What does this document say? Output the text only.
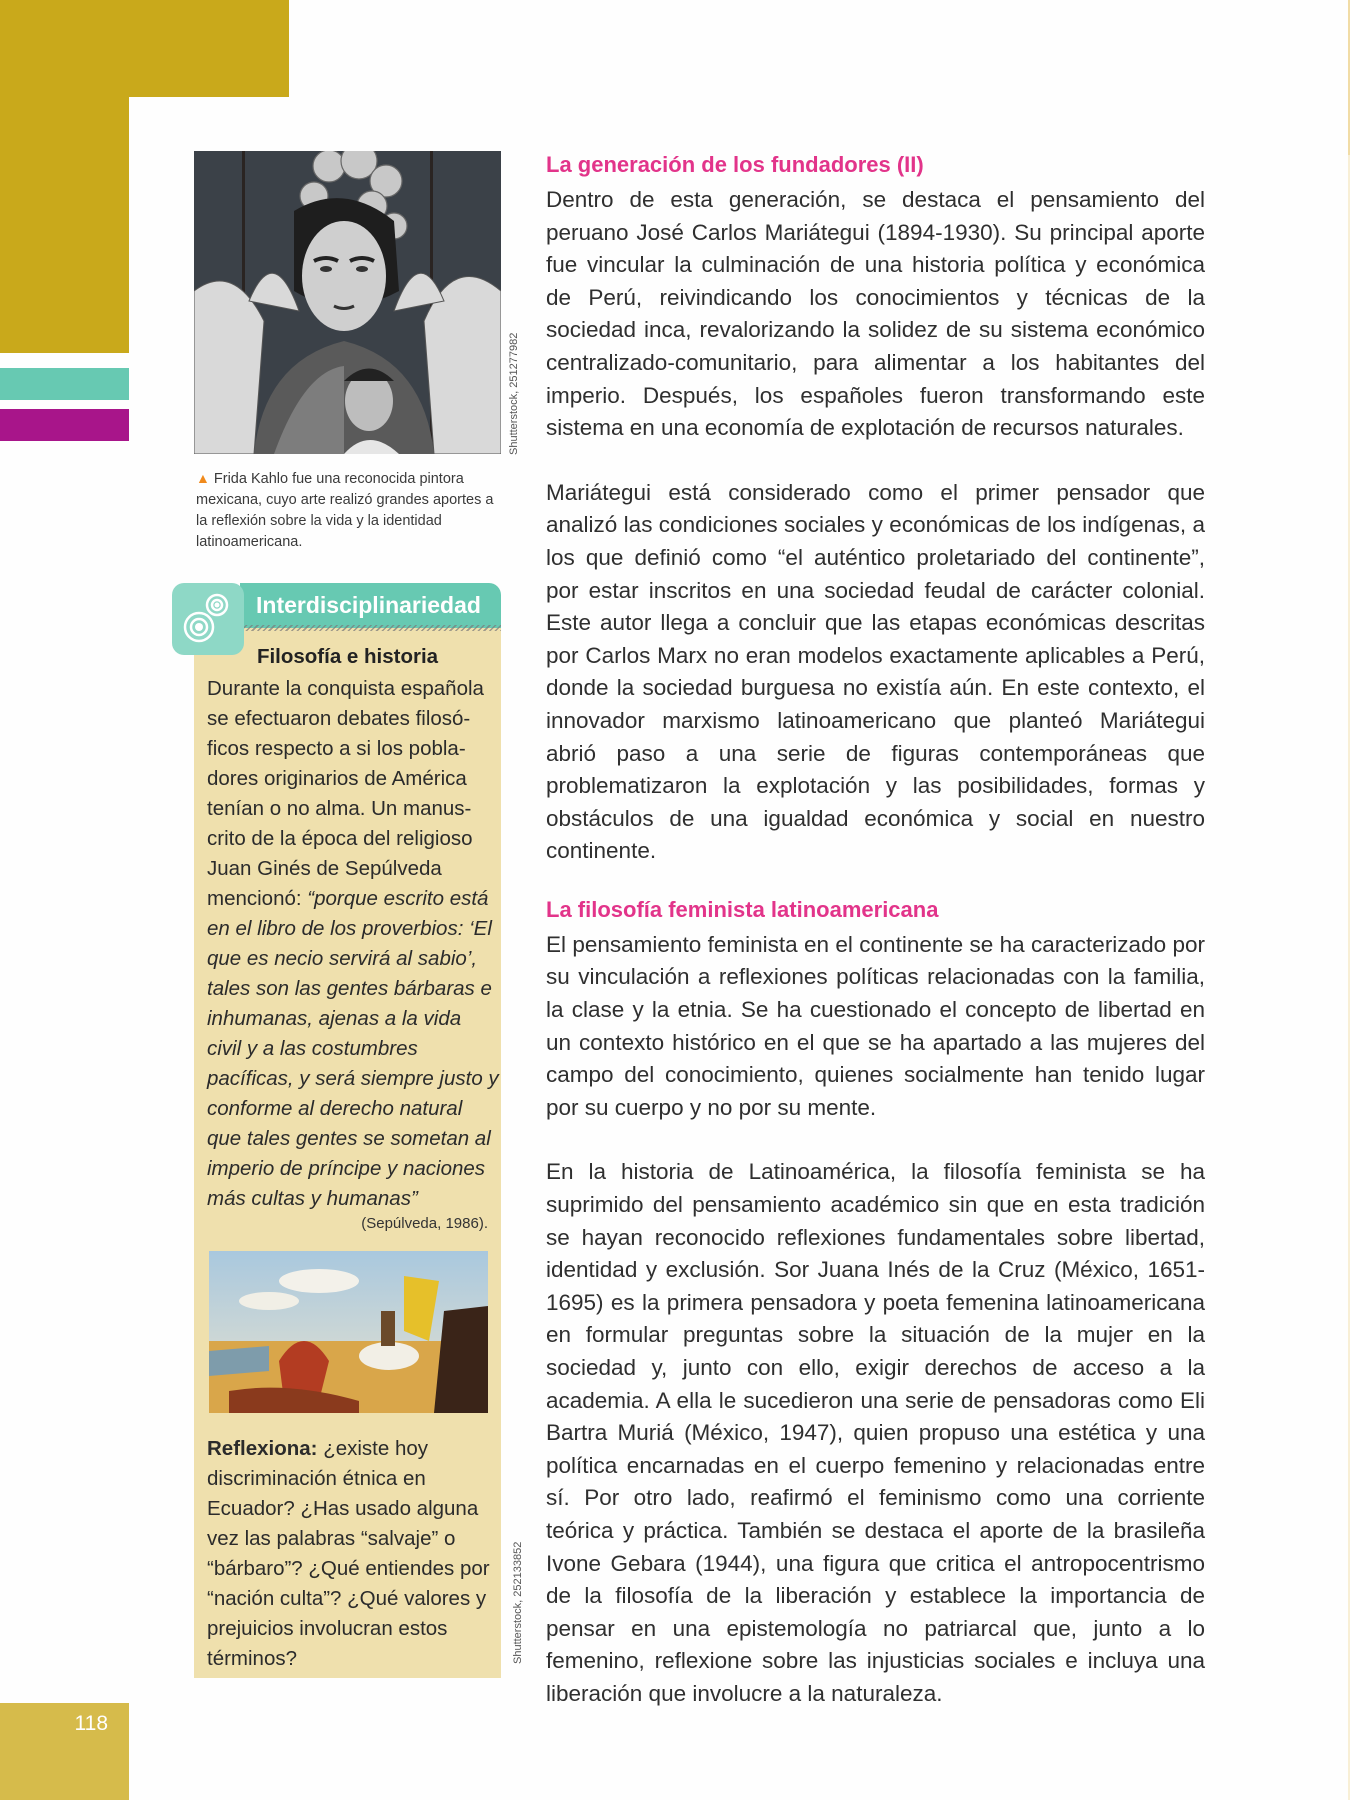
118
Shutterstock, 251277982
▲ Frida Kahlo fue una reconocida pintora mexicana, cuyo arte realizó grandes aportes a la reflexión sobre la vida y la identidad latinoamericana.
Interdisciplinariedad
Filosofía e historia
Durante la conquista española se efectuaron debates filosó-ficos respecto a si los pobla-dores originarios de América tenían o no alma. Un manus-crito de la época del religioso Juan Ginés de Sepúlveda mencionó: “porque escrito está en el libro de los proverbios: ‘El que es necio servirá al sabio’, tales son las gentes bárbaras e inhumanas, ajenas a la vida civil y a las costumbres pacíficas, y será siempre justo y conforme al derecho natural que tales gentes se sometan al imperio de príncipe y naciones más cultas y humanas”
(Sepúlveda, 1986).
Shutterstock, 252133852
Reflexiona: ¿existe hoy discriminación étnica en Ecuador? ¿Has usado alguna vez las palabras “salvaje” o “bárbaro”? ¿Qué entiendes por “nación culta”? ¿Qué valores y prejuicios involucran estos términos?
La generación de los fundadores (II)

Dentro de esta generación, se destaca el pensamiento del peruano José Carlos Mariátegui (1894-1930). Su principal aporte fue vincular la culminación de una historia política y económica de Perú, reivindicando los conocimientos y técnicas de la sociedad inca, revalorizando la solidez de su sistema económico centralizado-comunitario, para alimentar a los habitantes del imperio. Después, los españoles fueron transformando este sistema en una economía de explotación de recursos naturales.

Mariátegui está considerado como el primer pensador que analizó las condiciones sociales y económicas de los indígenas, a los que definió como “el auténtico proletariado del continente”, por estar inscritos en una sociedad feudal de carácter colonial. Este autor llega a concluir que las etapas económicas descritas por Carlos Marx no eran modelos exactamente aplicables a Perú, donde la sociedad burguesa no existía aún. En este contexto, el innovador marxismo latinoamericano que planteó Mariátegui abrió paso a una serie de figuras contemporáneas que problematizaron la explotación y las posibilidades, formas y obstáculos de una igualdad económica y social en nuestro continente.

La filosofía feminista latinoamericana

El pensamiento feminista en el continente se ha caracterizado por su vinculación a reflexiones políticas relacionadas con la familia, la clase y la etnia. Se ha cuestionado el concepto de libertad en un contexto histórico en el que se ha apartado a las mujeres del campo del conocimiento, quienes socialmente han tenido lugar por su cuerpo y no por su mente.

En la historia de Latinoamérica, la filosofía feminista se ha suprimido del pensamiento académico sin que en esta tradición se hayan reconocido reflexiones fundamentales sobre libertad, identidad y exclusión. Sor Juana Inés de la Cruz (México, 1651-1695) es la primera pensadora y poeta femenina latinoamericana en formular preguntas sobre la situación de la mujer en la sociedad y, junto con ello, exigir derechos de acceso a la academia. A ella le sucedieron una serie de pensadoras como Eli Bartra Muriá (México, 1947), quien propuso una estética y una política encarnadas en el cuerpo femenino y relacionadas entre sí. Por otro lado, reafirmó el feminismo como una corriente teórica y práctica. También se destaca el aporte de la brasileña Ivone Gebara (1944), una figura que critica el antropocentrismo de la filosofía de la liberación y establece la importancia de pensar en una epistemología no patriarcal que, junto a lo femenino, reflexione sobre las injusticias sociales e incluya una liberación que involucre a la naturaleza.
